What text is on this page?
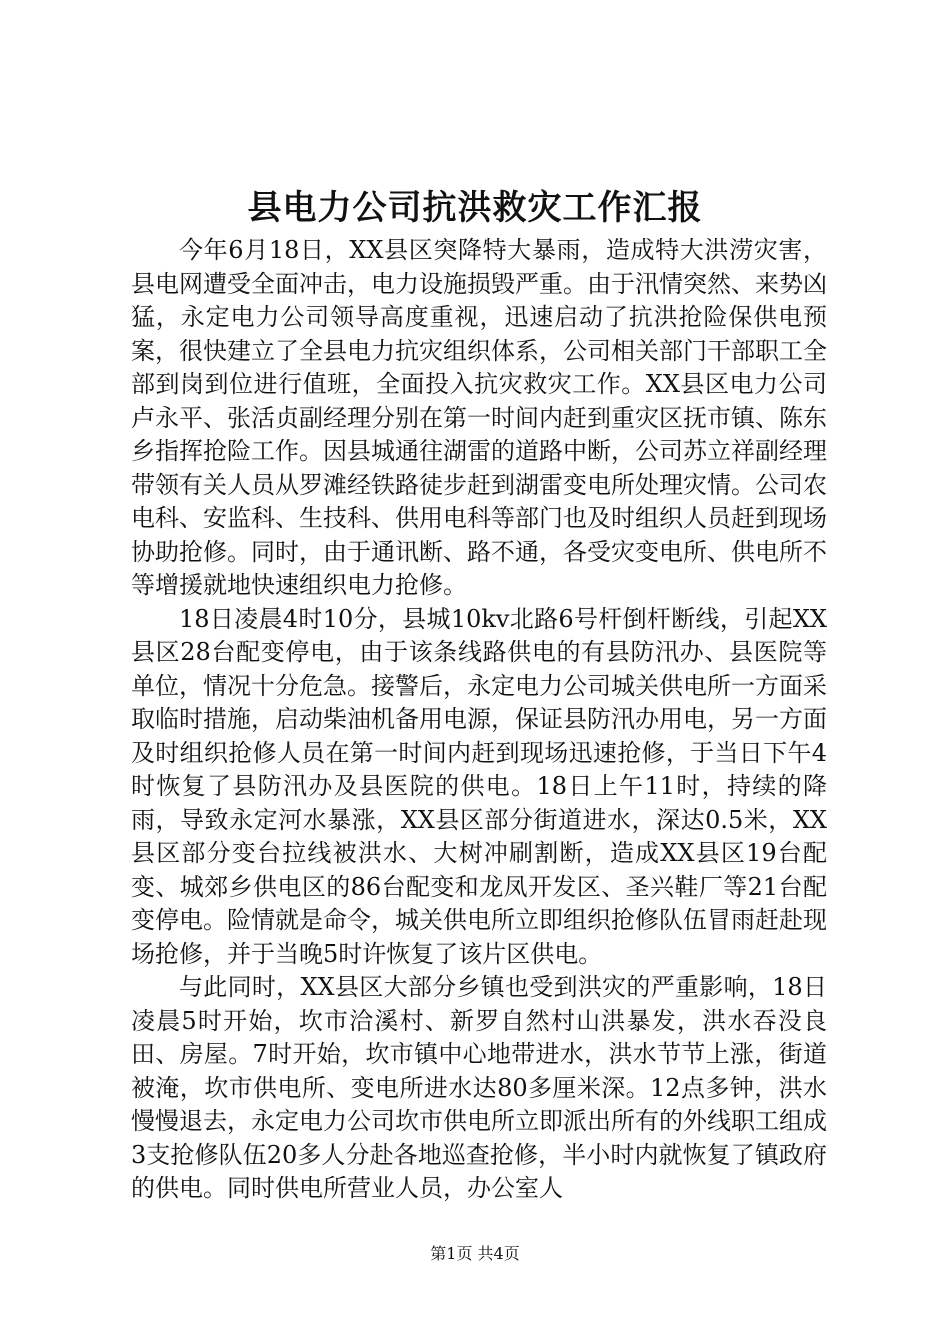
县电力公司抗洪救灾工作汇报

今年6月18日，XX县区突降特大暴雨，造成特大洪涝灾害，县电网遭受全面冲击，电力设施损毁严重。由于汛情突然、来势凶猛，永定电力公司领导高度重视，迅速启动了抗洪抢险保供电预案，很快建立了全县电力抗灾组织体系，公司相关部门干部职工全部到岗到位进行值班，全面投入抗灾救灾工作。XX县区电力公司卢永平、张活贞副经理分别在第一时间内赶到重灾区抚市镇、陈东乡指挥抢险工作。因县城通往湖雷的道路中断，公司苏立祥副经理带领有关人员从罗滩经铁路徒步赶到湖雷变电所处理灾情。公司农电科、安监科、生技科、供用电科等部门也及时组织人员赶到现场协助抢修。同时，由于通讯断、路不通，各受灾变电所、供电所不等增援就地快速组织电力抢修。

18日凌晨4时10分，县城10kv北路6号杆倒杆断线，引起XX县区28台配变停电，由于该条线路供电的有县防汛办、县医院等单位，情况十分危急。接警后，永定电力公司城关供电所一方面采取临时措施，启动柴油机备用电源，保证县防汛办用电，另一方面及时组织抢修人员在第一时间内赶到现场迅速抢修，于当日下午4时恢复了县防汛办及县医院的供电。18日上午11时，持续的降雨，导致永定河水暴涨，XX县区部分街道进水，深达0.5米，XX县区部分变台拉线被洪水、大树冲刷割断，造成XX县区19台配变、城郊乡供电区的86台配变和龙凤开发区、圣兴鞋厂等21台配变停电。险情就是命令，城关供电所立即组织抢修队伍冒雨赶赴现场抢修，并于当晚5时许恢复了该片区供电。

与此同时，XX县区大部分乡镇也受到洪灾的严重影响，18日凌晨5时开始，坎市洽溪村、新罗自然村山洪暴发，洪水吞没良田、房屋。7时开始，坎市镇中心地带进水，洪水节节上涨，街道被淹，坎市供电所、变电所进水达80多厘米深。12点多钟，洪水慢慢退去，永定电力公司坎市供电所立即派出所有的外线职工组成3支抢修队伍20多人分赴各地巡查抢修，半小时内就恢复了镇政府的供电。同时供电所营业人员，办公室人

第1页 共4页
